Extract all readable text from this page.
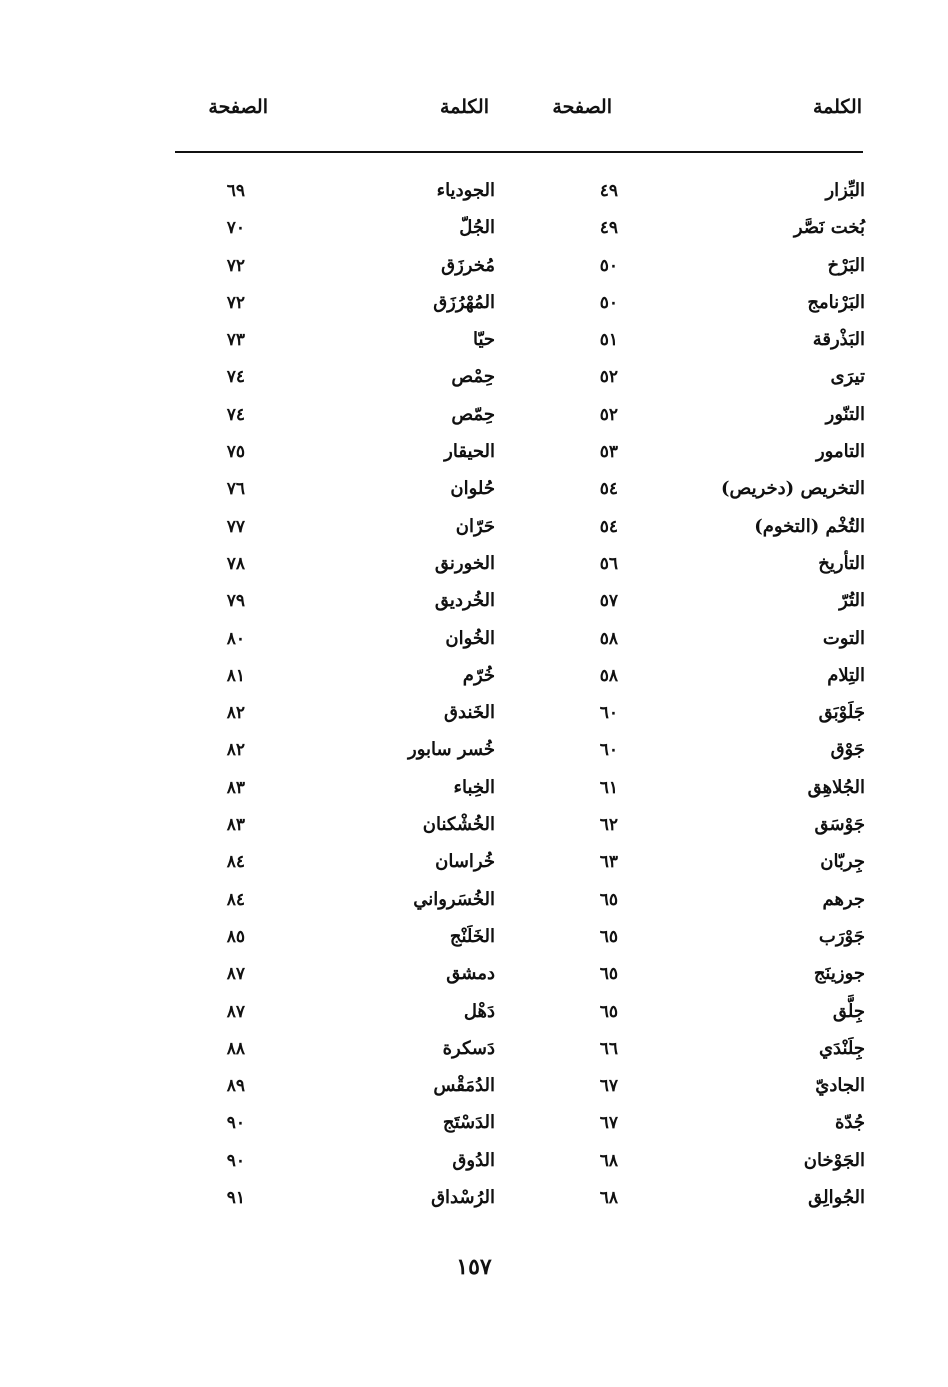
الكلمة
الصفحة
الكلمة
الصفحة
البِّزار
٤٩
الجودياء
٦٩
بُخت نَصَّر
٤٩
الجُلّ
٧٠
البَرْخ
٥٠
مُخرزَق
٧٢
البَرْنامج
٥٠
المُهْرُزَق
٧٢
البَذْرقة
٥١
حيّا
٧٣
تيرَى
٥٢
حِمْص
٧٤
التنّور
٥٢
حِمّص
٧٤
التامور
٥٣
الحيقار
٧٥
التخريص (دخريص)
٥٤
حُلوان
٧٦
التُخْم (التخوم)
٥٤
حَرّان
٧٧
التأريخ
٥٦
الخورنق
٧٨
التُرّ
٥٧
الخُرديق
٧٩
التوت
٥٨
الخُوان
٨٠
التِلام
٥٨
خُرّم
٨١
جَلَوْبَق
٦٠
الخَندق
٨٢
جَوْق
٦٠
خُسر سابور
٨٢
الجُلاهِق
٦١
الخِباء
٨٣
جَوْسَق
٦٢
الخُشْكنان
٨٣
جِربّان
٦٣
خُراسان
٨٤
جرهم
٦٥
الخُسَرواني
٨٤
جَوْرَب
٦٥
الخَلَنْج
٨٥
جوزينَج
٦٥
دمشق
٨٧
جِلَّق
٦٥
دَهْل
٨٧
جِلَنْدَي
٦٦
دَسكرة
٨٨
الجاديّ
٦٧
الدُمَقْس
٨٩
جُدّة
٦٧
الدَسْتَج
٩٠
الجَوْخان
٦٨
الدُوق
٩٠
الجُوالِق
٦٨
الرُسْداق
٩١
١٥٧
